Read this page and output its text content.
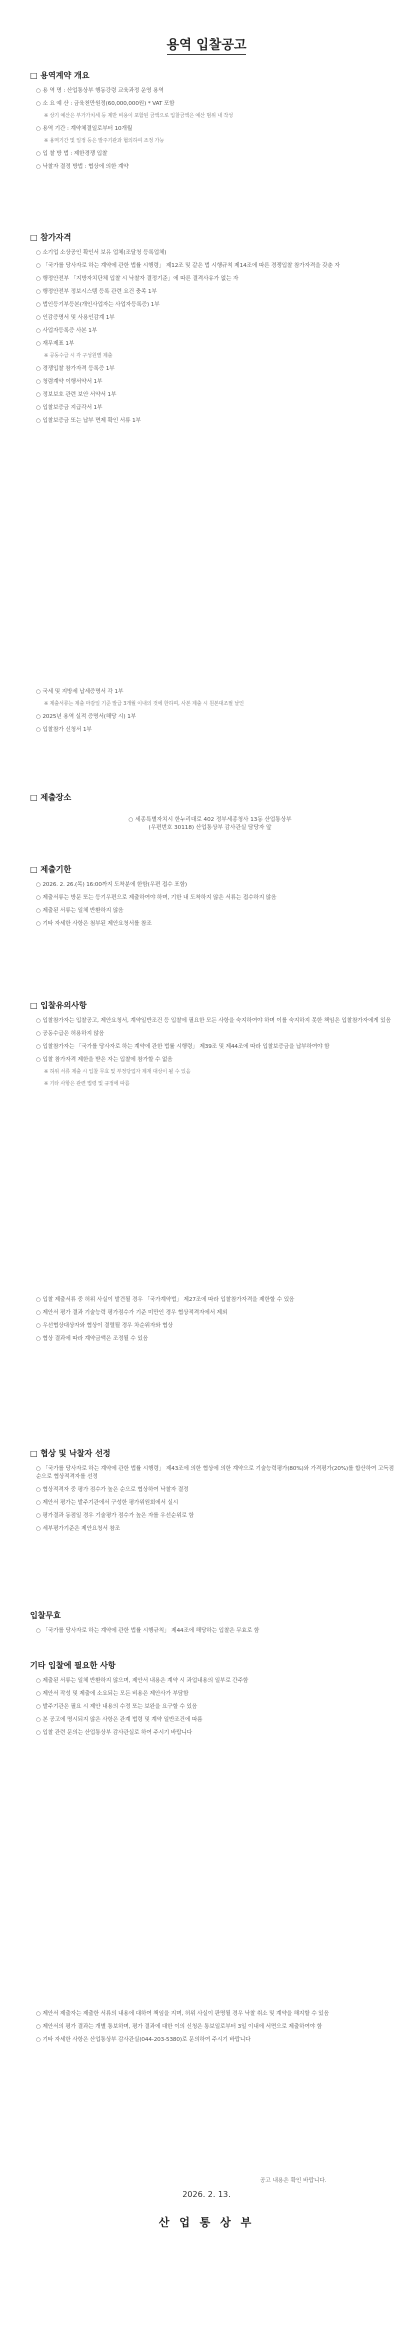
용역 입찰공고
□ 용역계약 개요
○ 용 역 명 : 산업통상부 행동강령 교육과정 운영 용역
○ 소 요 예 산 : 금육천만원정(60,000,000원) * VAT 포함
※ 상기 예산은 부가가치세 등 제반 비용이 포함된 금액으로 입찰금액은 예산 범위 내 작성
○ 용역 기간 : 계약체결일로부터 10개월
※ 용역기간 및 일정 등은 발주기관과 협의하여 조정 가능
○ 입 찰 방 법 : 제한경쟁 입찰
○ 낙찰자 결정 방법 : 협상에 의한 계약
□ 참가자격
○ 소기업 소상공인 확인서 보유 업체(조달청 등록업체)
○ 「국가를 당사자로 하는 계약에 관한 법률 시행령」 제12조 및 같은 법 시행규칙 제14조에 따른 경쟁입찰 참가자격을 갖춘 자
○ 행정안전부 「지방자치단체 입찰 시 낙찰자 결정기준」에 따른 결격사유가 없는 자
○ 행정안전부 정보시스템 등록 관련 요건 충족 1부
○ 법인등기부등본(개인사업자는 사업자등록증) 1부
○ 인감증명서 및 사용인감계 1부
○ 사업자등록증 사본 1부
○ 재무제표 1부
※ 공동수급 시 각 구성원별 제출
○ 경쟁입찰 참가자격 등록증 1부
○ 청렴계약 이행서약서 1부
○ 정보보호 관련 보안 서약서 1부
○ 입찰보증금 지급각서 1부
○ 입찰보증금 또는 납부 면제 확인 서류 1부
○ 국세 및 지방세 납세증명서 각 1부
※ 제출서류는 제출 마감일 기준 발급 3개월 이내의 것에 한하며, 사본 제출 시 원본대조필 날인
○ 2025년 용역 실적 증명서(해당 시) 1부
○ 입찰참가 신청서 1부
□ 제출장소
○ 세종특별자치시 한누리대로 402 정부세종청사 13동 산업통상부
(우편번호 30118) 산업통상부 감사관실 담당자 앞
□ 제출기한
○ 2026. 2. 26.(목) 16:00까지 도착분에 한함(우편 접수 포함)
○ 제출서류는 방문 또는 등기우편으로 제출하여야 하며, 기한 내 도착하지 않은 서류는 접수하지 않음
○ 제출된 서류는 일체 반환하지 않음
○ 기타 자세한 사항은 첨부된 제안요청서를 참조
□ 입찰유의사항
○ 입찰참가자는 입찰공고, 제안요청서, 계약일반조건 등 입찰에 필요한 모든 사항을 숙지하여야 하며 이를 숙지하지 못한 책임은 입찰참가자에게 있음
○ 공동수급은 허용하지 않음
○ 입찰참가자는 「국가를 당사자로 하는 계약에 관한 법률 시행령」 제39조 및 제44조에 따라 입찰보증금을 납부하여야 함
○ 입찰 참가자격 제한을 받은 자는 입찰에 참가할 수 없음
※ 허위 서류 제출 시 입찰 무효 및 부정당업자 제재 대상이 될 수 있음
※ 기타 사항은 관련 법령 및 규정에 따름
○ 입찰 제출서류 중 허위 사실이 발견될 경우 「국가계약법」 제27조에 따라 입찰참가자격을 제한할 수 있음
○ 제안서 평가 결과 기술능력 평가점수가 기준 미만인 경우 협상적격자에서 제외
○ 우선협상대상자와 협상이 결렬될 경우 차순위자와 협상
○ 협상 결과에 따라 계약금액은 조정될 수 있음
□ 협상 및 낙찰자 선정
○ 「국가를 당사자로 하는 계약에 관한 법률 시행령」 제43조에 의한 협상에 의한 계약으로 기술능력평가(80%)와 가격평가(20%)를 합산하여 고득점 순으로 협상적격자를 선정
○ 협상적격자 중 평가 점수가 높은 순으로 협상하여 낙찰자 결정
○ 제안서 평가는 발주기관에서 구성한 평가위원회에서 실시
○ 평가결과 동점일 경우 기술평가 점수가 높은 자를 우선순위로 함
○ 세부평가기준은 제안요청서 참조
입찰무효
○ 「국가를 당사자로 하는 계약에 관한 법률 시행규칙」 제44조에 해당하는 입찰은 무효로 함
기타 입찰에 필요한 사항
○ 제출된 서류는 일체 반환하지 않으며, 제안서 내용은 계약 시 과업내용의 일부로 간주함
○ 제안서 작성 및 제출에 소요되는 모든 비용은 제안사가 부담함
○ 발주기관은 필요 시 제안 내용의 수정 또는 보완을 요구할 수 있음
○ 본 공고에 명시되지 않은 사항은 관계 법령 및 계약 일반조건에 따름
○ 입찰 관련 문의는 산업통상부 감사관실로 하여 주시기 바랍니다
○ 제안서 제출자는 제출한 서류의 내용에 대하여 책임을 지며, 허위 사실이 판명될 경우 낙찰 취소 및 계약을 해지할 수 있음
○ 제안서의 평가 결과는 개별 통보하며, 평가 결과에 대한 이의 신청은 통보일로부터 3일 이내에 서면으로 제출하여야 함
○ 기타 자세한 사항은 산업통상부 감사관실(044-203-5380)로 문의하여 주시기 바랍니다
공고 내용은 확인 바랍니다.
2026. 2. 13.
산 업 통 상 부
